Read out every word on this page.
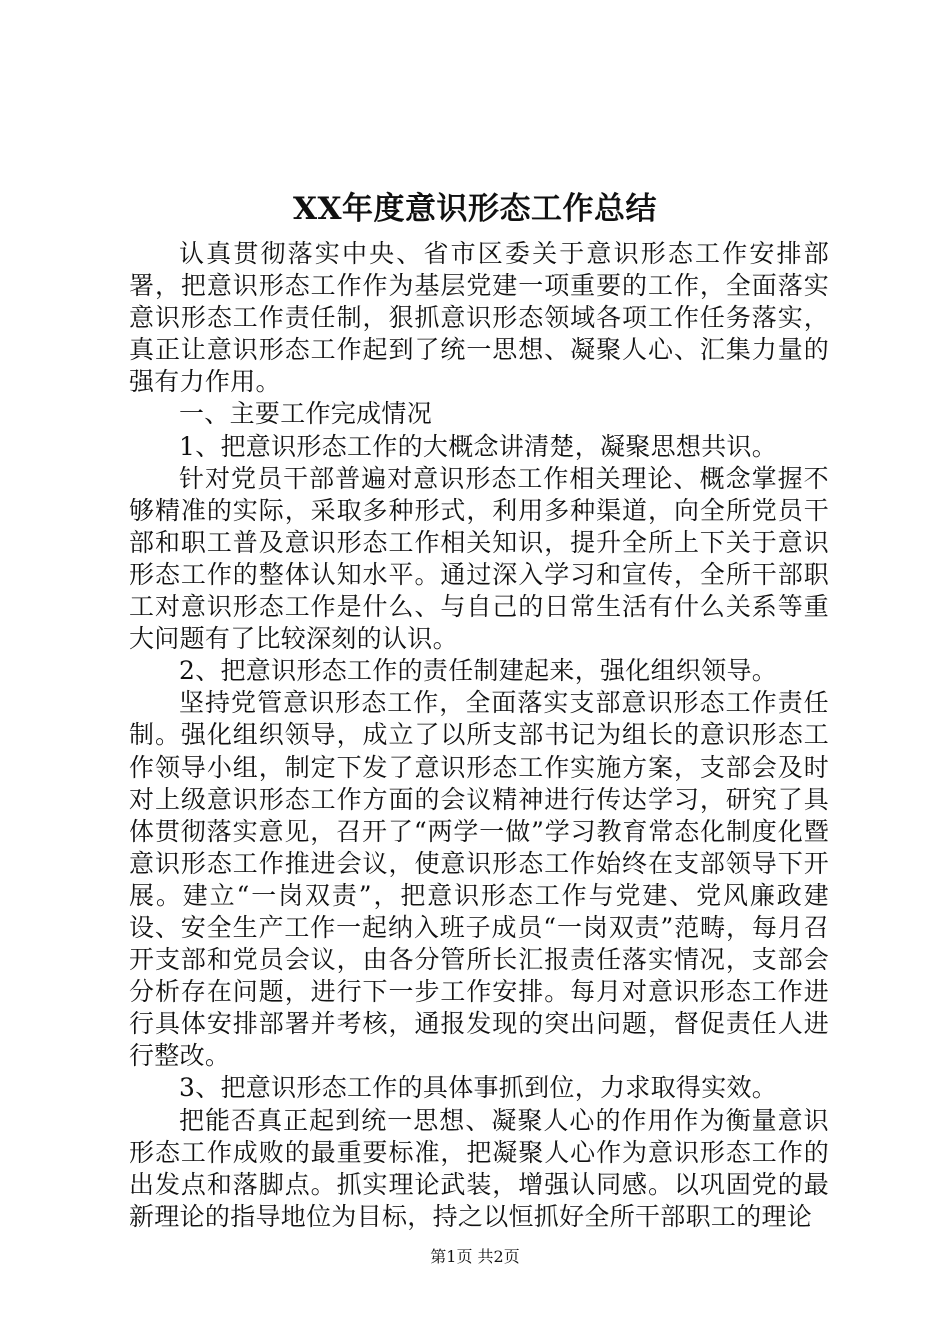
XX年度意识形态工作总结

认真贯彻落实中央、省市区委关于意识形态工作安排部署，把意识形态工作作为基层党建一项重要的工作，全面落实意识形态工作责任制，狠抓意识形态领域各项工作任务落实，真正让意识形态工作起到了统一思想、凝聚人心、汇集力量的强有力作用。

一、主要工作完成情况

1、把意识形态工作的大概念讲清楚，凝聚思想共识。

针对党员干部普遍对意识形态工作相关理论、概念掌握不够精准的实际，采取多种形式，利用多种渠道，向全所党员干部和职工普及意识形态工作相关知识，提升全所上下关于意识形态工作的整体认知水平。通过深入学习和宣传，全所干部职工对意识形态工作是什么、与自己的日常生活有什么关系等重大问题有了比较深刻的认识。

2、把意识形态工作的责任制建起来，强化组织领导。

坚持党管意识形态工作，全面落实支部意识形态工作责任制。强化组织领导，成立了以所支部书记为组长的意识形态工作领导小组，制定下发了意识形态工作实施方案，支部会及时对上级意识形态工作方面的会议精神进行传达学习，研究了具体贯彻落实意见，召开了“两学一做”学习教育常态化制度化暨意识形态工作推进会议，使意识形态工作始终在支部领导下开展。建立“一岗双责”，把意识形态工作与党建、党风廉政建设、安全生产工作一起纳入班子成员“一岗双责”范畴，每月召开支部和党员会议，由各分管所长汇报责任落实情况，支部会分析存在问题，进行下一步工作安排。每月对意识形态工作进行具体安排部署并考核，通报发现的突出问题，督促责任人进行整改。

3、把意识形态工作的具体事抓到位，力求取得实效。

把能否真正起到统一思想、凝聚人心的作用作为衡量意识形态工作成败的最重要标准，把凝聚人心作为意识形态工作的出发点和落脚点。抓实理论武装，增强认同感。以巩固党的最新理论的指导地位为目标，持之以恒抓好全所干部职工的理论

第1页 共2页
